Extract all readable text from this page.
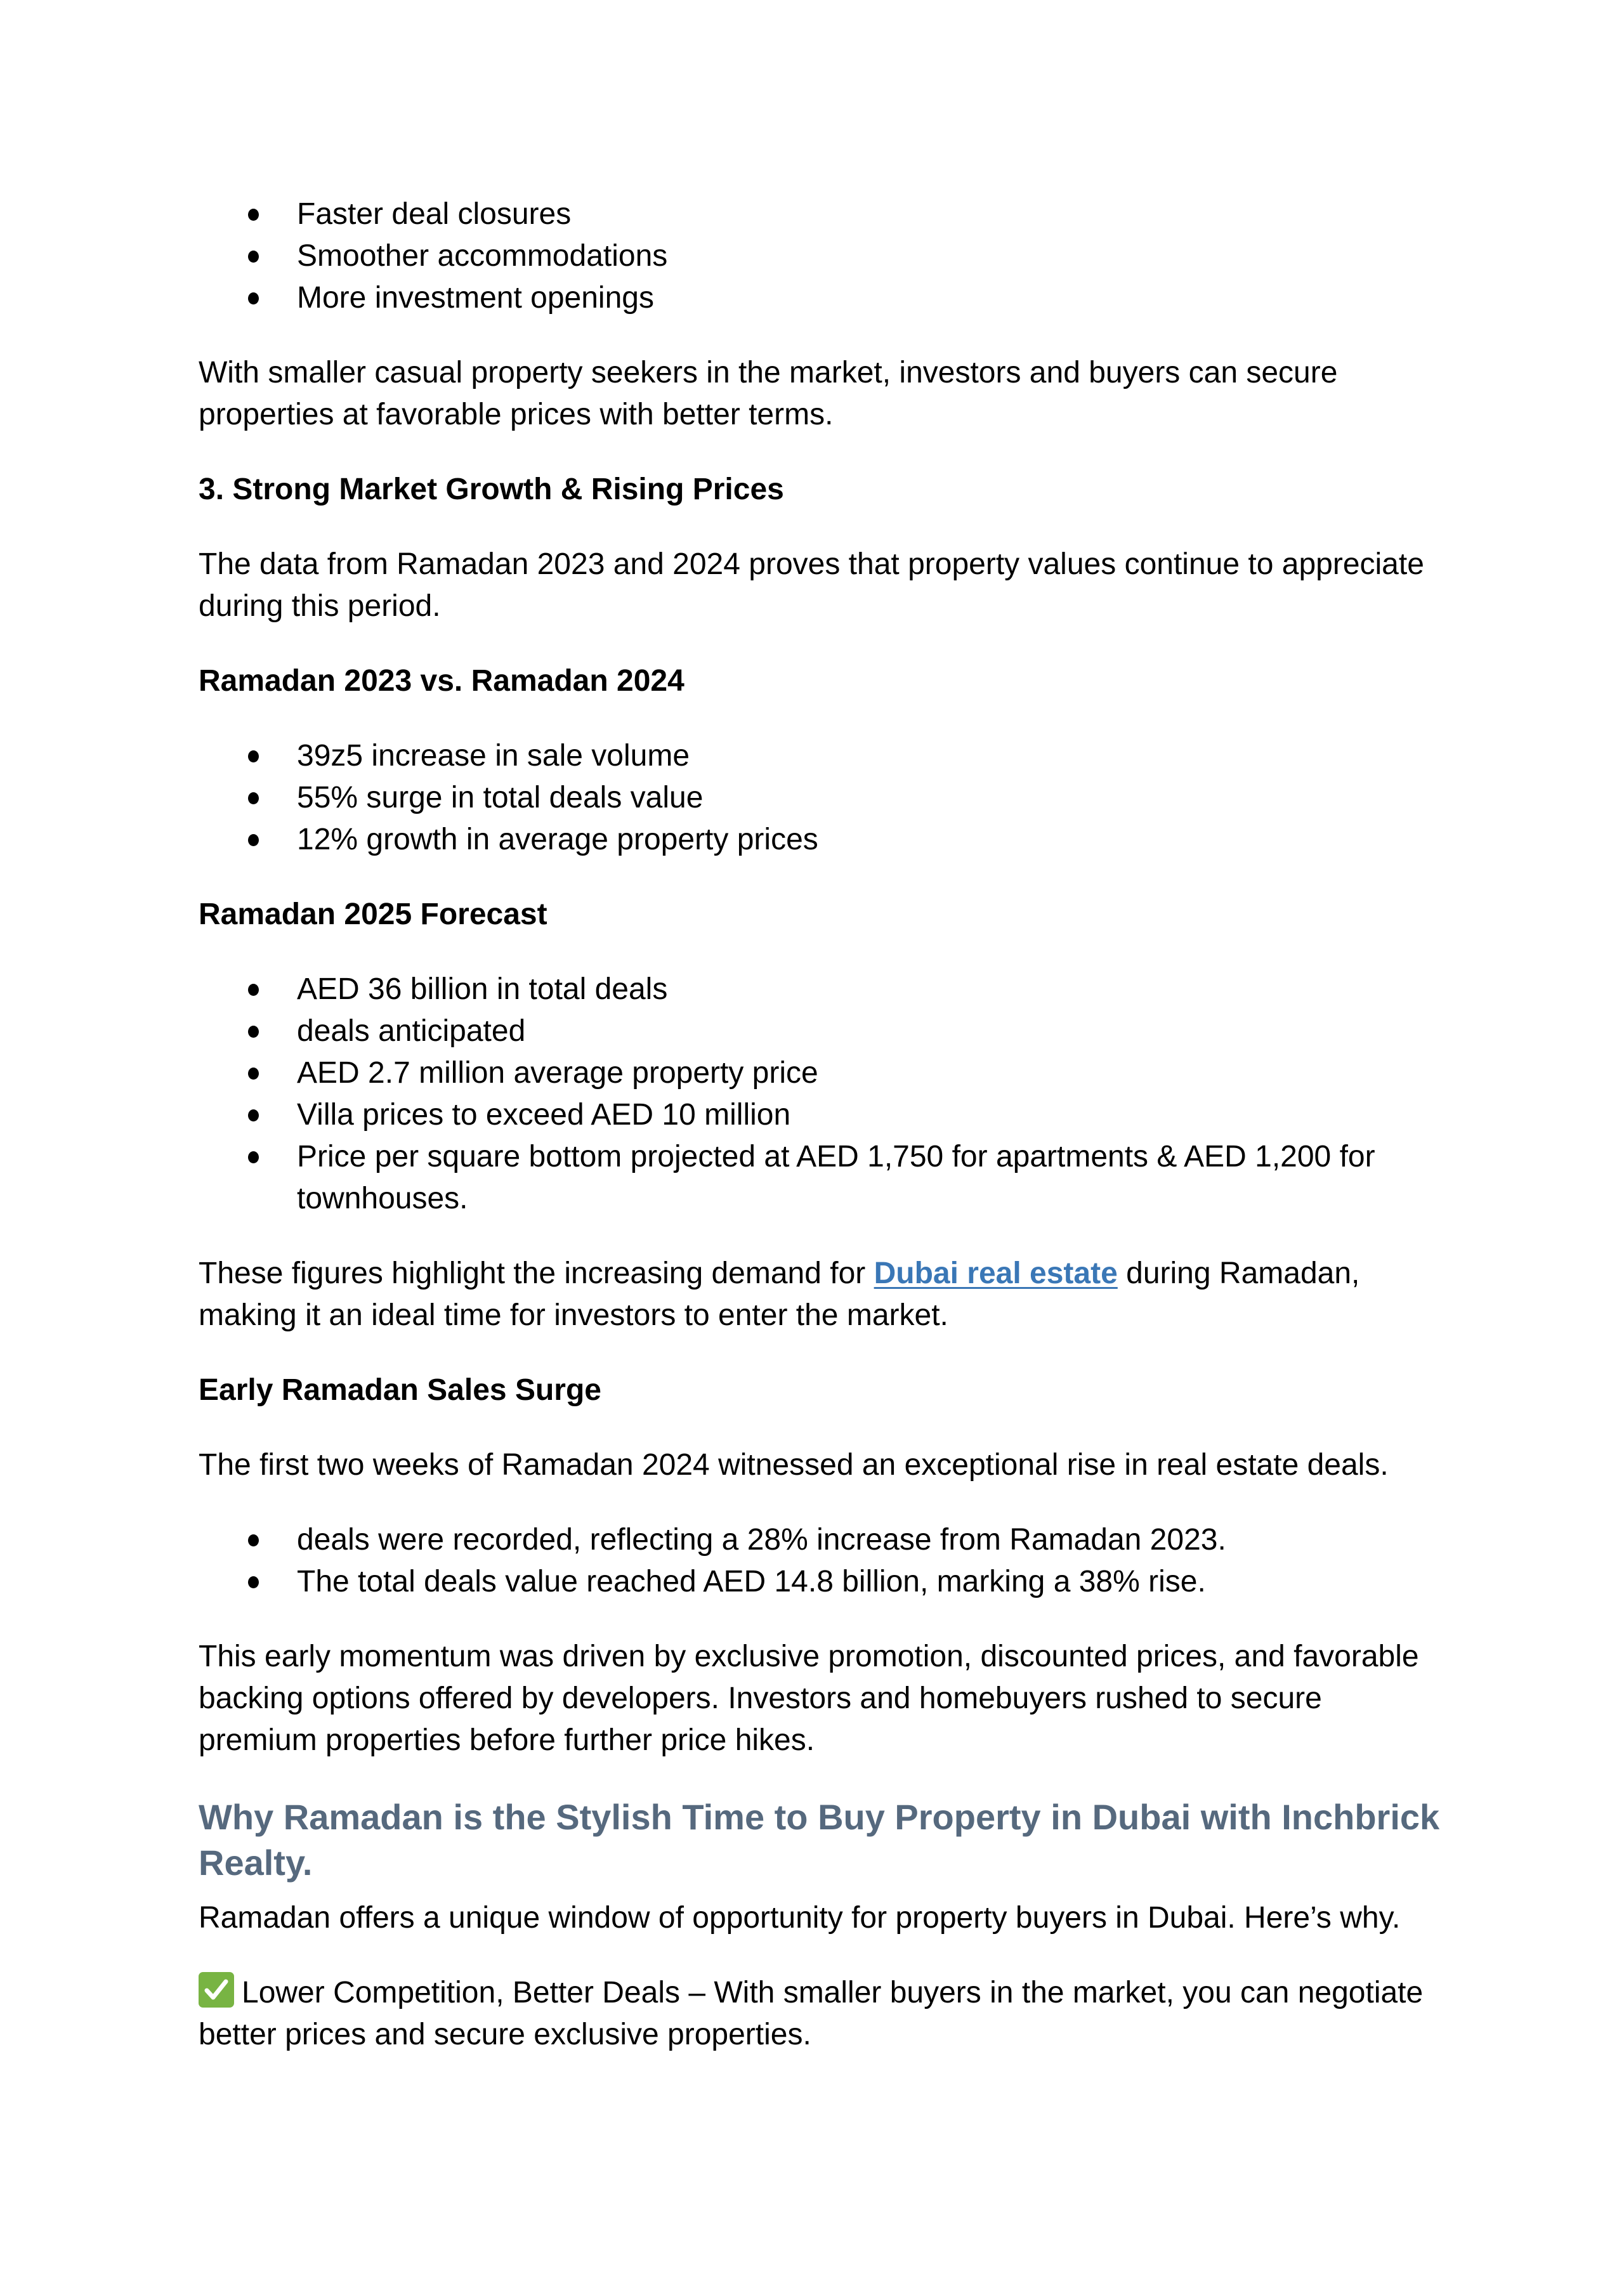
Faster deal closures
Smoother accommodations
More investment openings

With smaller casual property seekers in the market, investors and buyers can secure properties at favorable prices with better terms.

3. Strong Market Growth & Rising Prices

The data from Ramadan 2023 and 2024 proves that property values continue to appreciate during this period.

Ramadan 2023 vs. Ramadan 2024

39z5 increase in sale volume
55% surge in total deals value
12% growth in average property prices

Ramadan 2025 Forecast

AED 36 billion in total deals
deals anticipated
AED 2.7 million average property price
Villa prices to exceed AED 10 million
Price per square bottom projected at AED 1,750 for apartments & AED 1,200 for townhouses.

These figures highlight the increasing demand for Dubai real estate during Ramadan, making it an ideal time for investors to enter the market.

Early Ramadan Sales Surge

The first two weeks of Ramadan 2024 witnessed an exceptional rise in real estate deals.

deals were recorded, reflecting a 28% increase from Ramadan 2023.
The total deals value reached AED 14.8 billion, marking a 38% rise.

This early momentum was driven by exclusive promotion, discounted prices, and favorable backing options offered by developers. Investors and homebuyers rushed to secure premium properties before further price hikes.

Why Ramadan is the Stylish Time to Buy Property in Dubai with Inchbrick Realty.

Ramadan offers a unique window of opportunity for property buyers in Dubai. Here’s why.

Lower Competition, Better Deals – With smaller buyers in the market, you can negotiate better prices and secure exclusive properties.
